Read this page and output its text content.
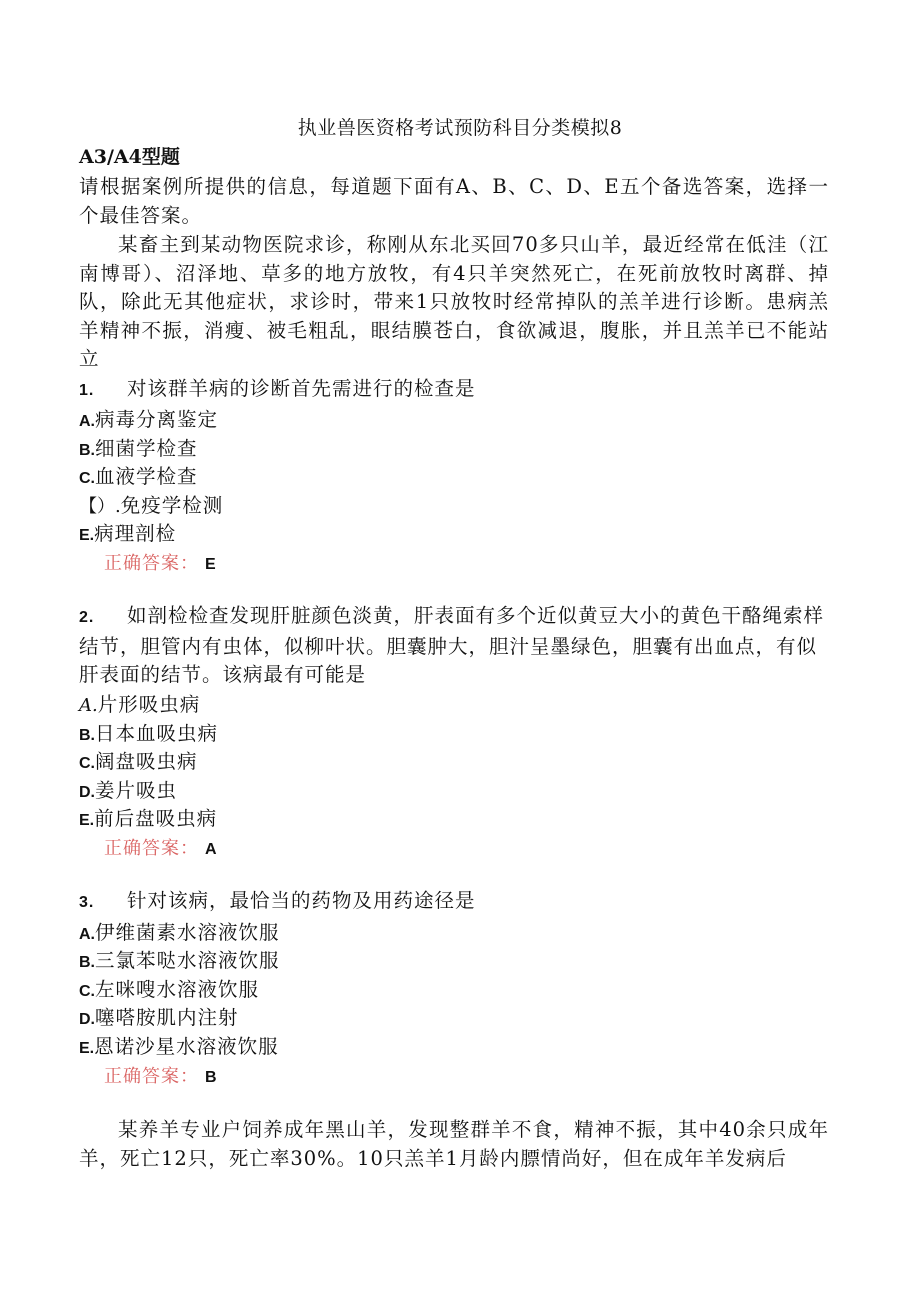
执业兽医资格考试预防科目分类模拟8
A3/A4型题
请根据案例所提供的信息，每道题下面有A、B、C、D、E五个备选答案，选择一个最佳答案。
某畜主到某动物医院求诊，称刚从东北买回70多只山羊，最近经常在低洼（江南博哥）、沼泽地、草多的地方放牧，有4只羊突然死亡，在死前放牧时离群、掉队，除此无其他症状，求诊时，带来1只放牧时经常掉队的羔羊进行诊断。患病羔羊精神不振，消瘦、被毛粗乱，眼结膜苍白，食欲减退，腹胀，并且羔羊已不能站立
1. 对该群羊病的诊断首先需进行的检查是
A.病毒分离鉴定
B.细菌学检查
C.血液学检查
【）.免疫学检测
E.病理剖检
正确答案： E
2. 如剖检检查发现肝脏颜色淡黄，肝表面有多个近似黄豆大小的黄色干酪绳索样结节，胆管内有虫体，似柳叶状。胆囊肿大，胆汁呈墨绿色，胆囊有出血点，有似肝表面的结节。该病最有可能是
A.片形吸虫病
B.日本血吸虫病
C.阔盘吸虫病
D.姜片吸虫
E.前后盘吸虫病
正确答案： A
3. 针对该病，最恰当的药物及用药途径是
A.伊维菌素水溶液饮服
B.三氯苯哒水溶液饮服
C.左咪嗖水溶液饮服
D.噻嗒胺肌内注射
E.恩诺沙星水溶液饮服
正确答案： B
某养羊专业户饲养成年黑山羊，发现整群羊不食，精神不振，其中40余只成年羊，死亡12只，死亡率30%。10只羔羊1月龄内膘情尚好，但在成年羊发病后
